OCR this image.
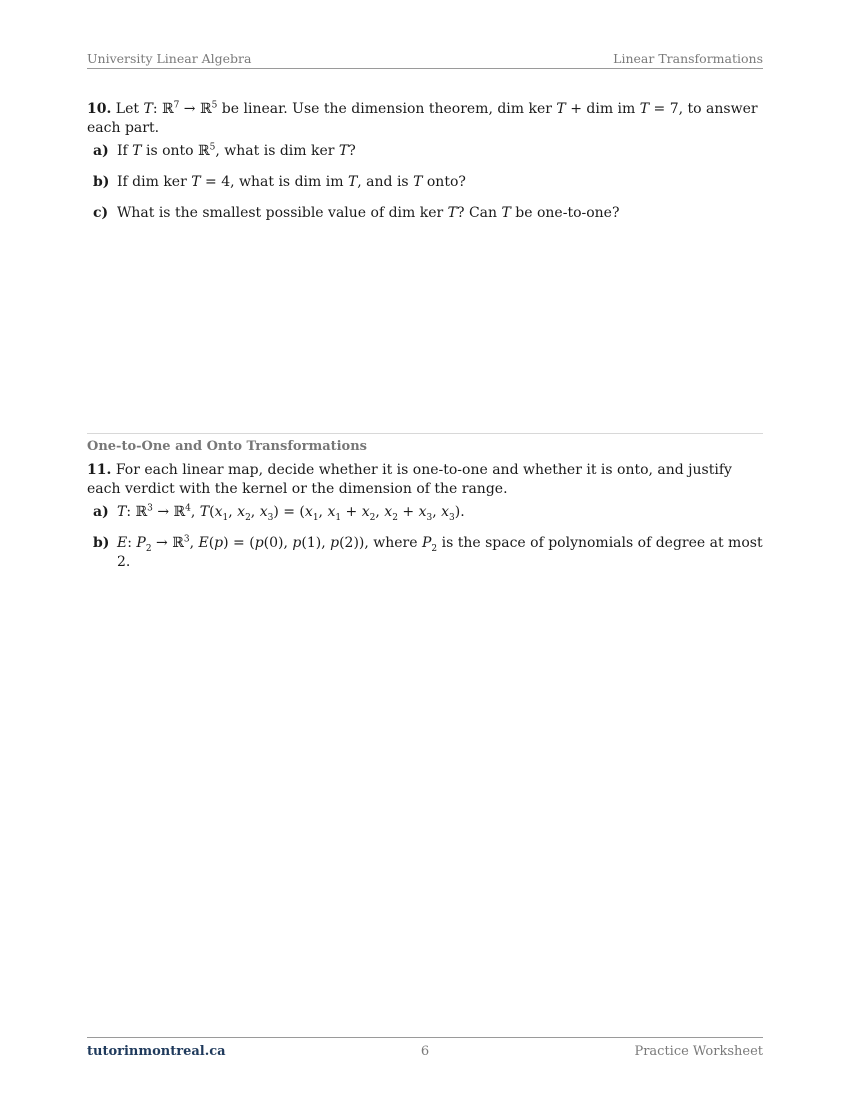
University Linear Algebra	Linear Transformations
10. Let T: ℝ$^7$ → ℝ$^5$ be linear. Use the dimension theorem, dim ker T + dim im T = 7, to answer each part.
a) If T is onto ℝ$^5$, what is dim ker T?
b) If dim ker T = 4, what is dim im T, and is T onto?
c) What is the smallest possible value of dim ker T? Can T be one-to-one?
One-to-One and Onto Transformations
11. For each linear map, decide whether it is one-to-one and whether it is onto, and justify each verdict with the kernel or the dimension of the range.
a) T: ℝ$^3$ → ℝ$^4$, $T(x_1$, $x_2$, $x_3) = (x_1$, $x_1 + x_2$, $x_2 + x_3$, $x_3$).
b) E: $P_2$ → ℝ$^3$, E(p) = (p(0), p(1), p(2)), where $P_2$ is the space of polynomials of degree at most 2.
tutorinmontreal.ca	6	Practice Worksheet
